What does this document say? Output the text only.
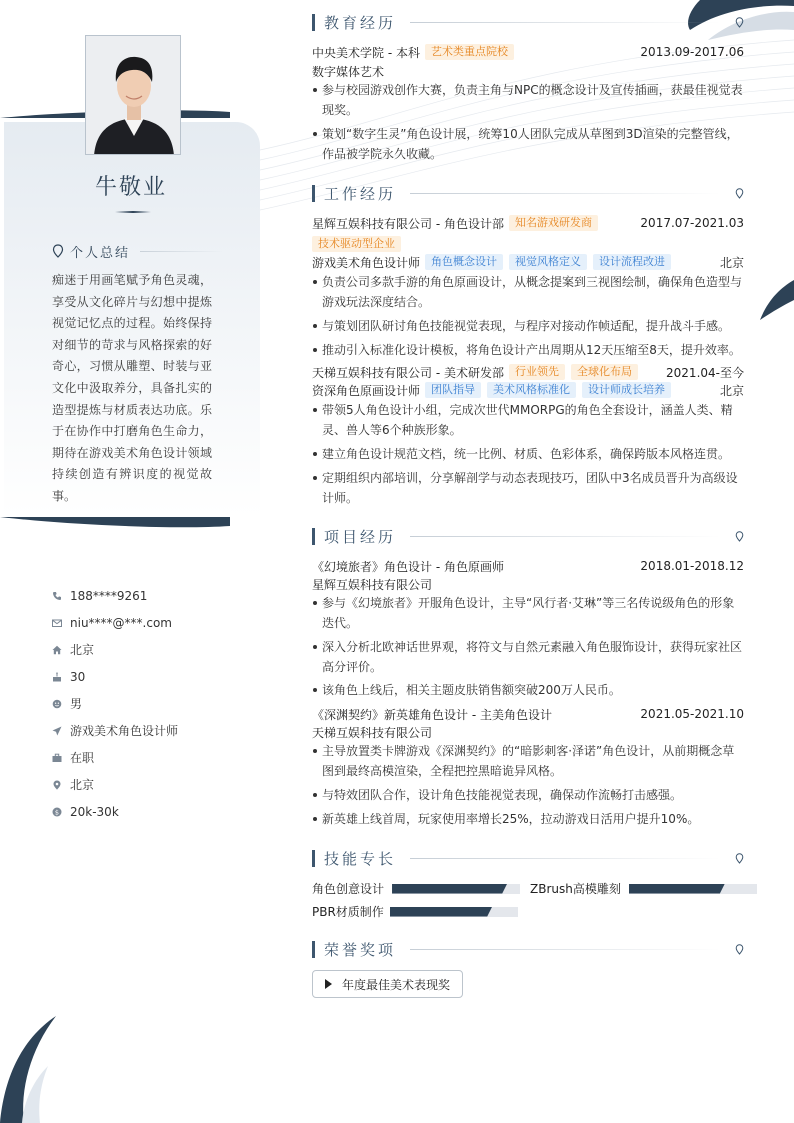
牛敬业
个人总结
痴迷于用画笔赋予角色灵魂，享受从文化碎片与幻想中提炼视觉记忆点的过程。始终保持对细节的苛求与风格探索的好奇心，习惯从雕塑、时装与亚文化中汲取养分，具备扎实的造型提炼与材质表达功底。乐于在协作中打磨角色生命力，期待在游戏美术角色设计领域持续创造有辨识度的视觉故事。
188****9261
niu****@***.com
北京
30
男
游戏美术角色设计师
在职
北京
$ 20k-30k
教育经历
中央美术学院 - 本科	艺术类重点院校	2013.09-2017.06
数字媒体艺术
参与校园游戏创作大赛，负责主角与NPC的概念设计及宣传插画，获最佳视觉表现奖。
策划“数字生灵”角色设计展，统筹10人团队完成从草图到3D渲染的完整管线，作品被学院永久收藏。
工作经历
星辉互娱科技有限公司 - 角色设计部	知名游戏研发商	2017.07-2021.03
技术驱动型企业
游戏美术角色设计师	角色概念设计	视觉风格定义	设计流程改进	北京
负责公司多款手游的角色原画设计，从概念提案到三视图绘制，确保角色造型与游戏玩法深度结合。
与策划团队研讨角色技能视觉表现，与程序对接动作帧适配，提升战斗手感。
推动引入标准化设计模板，将角色设计产出周期从12天压缩至8天，提升效率。
天梯互娱科技有限公司 - 美术研发部	行业领先	全球化布局	2021.04-至今
资深角色原画设计师	团队指导	美术风格标准化	设计师成长培养	北京
带领5人角色设计小组，完成次世代MMORPG的角色全套设计，涵盖人类、精灵、兽人等6个种族形象。
建立角色设计规范文档，统一比例、材质、色彩体系，确保跨版本风格连贯。
定期组织内部培训，分享解剖学与动态表现技巧，团队中3名成员晋升为高级设计师。
项目经历
《幻境旅者》角色设计 - 角色原画师	2018.01-2018.12
星辉互娱科技有限公司
参与《幻境旅者》开服角色设计，主导“风行者·艾琳”等三名传说级角色的形象迭代。
深入分析北欧神话世界观，将符文与自然元素融入角色服饰设计，获得玩家社区高分评价。
该角色上线后，相关主题皮肤销售额突破200万人民币。
《深渊契约》新英雄角色设计 - 主美角色设计	2021.05-2021.10
天梯互娱科技有限公司
主导放置类卡牌游戏《深渊契约》的“暗影刺客·泽诺”角色设计，从前期概念草图到最终高模渲染，全程把控黑暗诡异风格。
与特效团队合作，设计角色技能视觉表现，确保动作流畅打击感强。
新英雄上线首周，玩家使用率增长25%，拉动游戏日活用户提升10%。
技能专长
角色创意设计	ZBrush高模雕刻
PBR材质制作
荣誉奖项
年度最佳美术表现奖
